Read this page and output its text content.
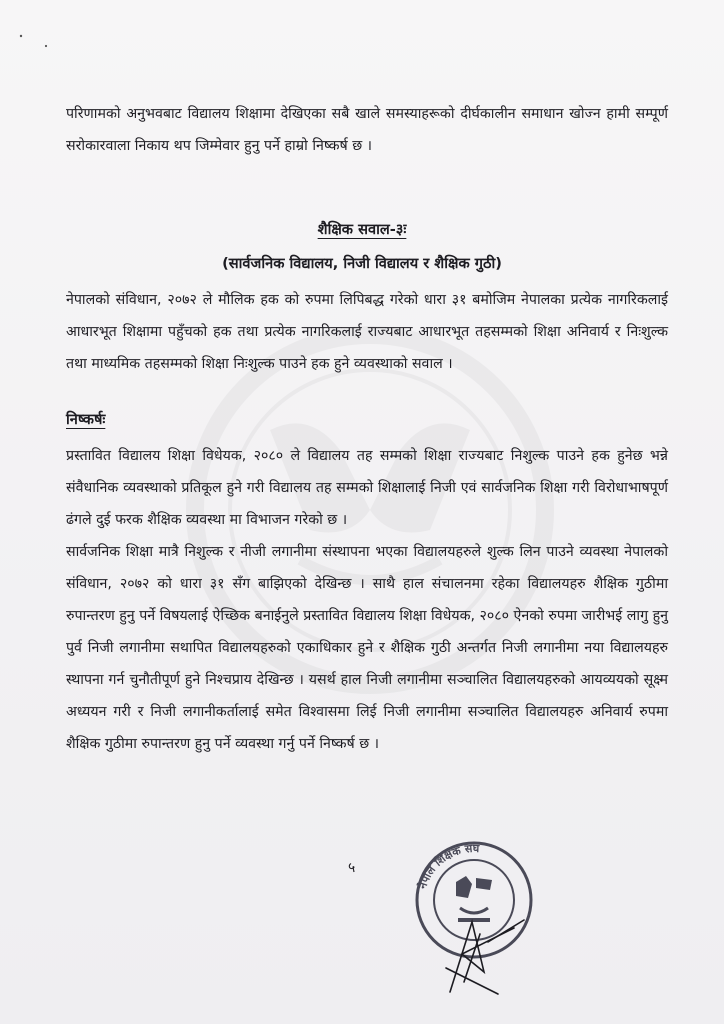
परिणामको अनुभवबाट विद्यालय शिक्षामा देखिएका सबै खाले समस्याहरूको दीर्घकालीन समाधान खोज्न हामी सम्पूर्ण सरोकारवाला निकाय थप जिम्मेवार हुनु पर्ने हाम्रो निष्कर्ष छ ।

शैक्षिक सवाल-३ः
(सार्वजनिक विद्यालय, निजी विद्यालय र शैक्षिक गुठी)

नेपालको संविधान, २०७२ ले मौलिक हक को रुपमा लिपिबद्ध गरेको धारा ३१ बमोजिम नेपालका प्रत्येक नागरिकलाई आधारभूत शिक्षामा पहुँचको हक तथा प्रत्येक नागरिकलाई राज्यबाट आधारभूत तहसम्मको शिक्षा अनिवार्य र निःशुल्क तथा माध्यमिक तहसम्मको शिक्षा निःशुल्क पाउने हक हुने व्यवस्थाको सवाल ।

निष्कर्षः

प्रस्तावित विद्यालय शिक्षा विधेयक, २०८० ले विद्यालय तह सम्मको शिक्षा राज्यबाट निशुल्क पाउने हक हुनेछ भन्ने संवैधानिक व्यवस्थाको प्रतिकूल हुने गरी विद्यालय तह सम्मको शिक्षालाई निजी एवं सार्वजनिक शिक्षा गरी विरोधाभाषपूर्ण ढंगले दुई फरक शैक्षिक व्यवस्था मा विभाजन गरेको छ ।

सार्वजनिक शिक्षा मात्रै निशुल्क र नीजी लगानीमा संस्थापना भएका विद्यालयहरुले शुल्क लिन पाउने व्यवस्था नेपालको संविधान, २०७२ को धारा ३१ सँग बाझिएको देखिन्छ । साथै हाल संचालनमा रहेका विद्यालयहरु शैक्षिक गुठीमा रुपान्तरण हुनु पर्ने विषयलाई ऐच्छिक बनाईनुले प्रस्तावित विद्यालय शिक्षा विधेयक, २०८० ऐनको रुपमा जारीभई लागु हुनु पुर्व निजी लगानीमा सथापित विद्यालयहरुको एकाधिकार हुने र शैक्षिक गुठी अन्तर्गत निजी लगानीमा नया विद्यालयहरु स्थापना गर्न चुनौतीपूर्ण हुने निश्चप्राय देखिन्छ । यसर्थ हाल निजी लगानीमा सञ्चालित विद्यालयहरुको आयव्ययको सूक्ष्म अध्ययन गरी र निजी लगानीकर्तालाई समेत विश्वासमा लिई निजी लगानीमा सञ्चालित विद्यालयहरु अनिवार्य रुपमा शैक्षिक गुठीमा रुपान्तरण हुनु पर्ने व्यवस्था गर्नु पर्ने निष्कर्ष छ ।

५

नेपाल शिक्षक संघ
